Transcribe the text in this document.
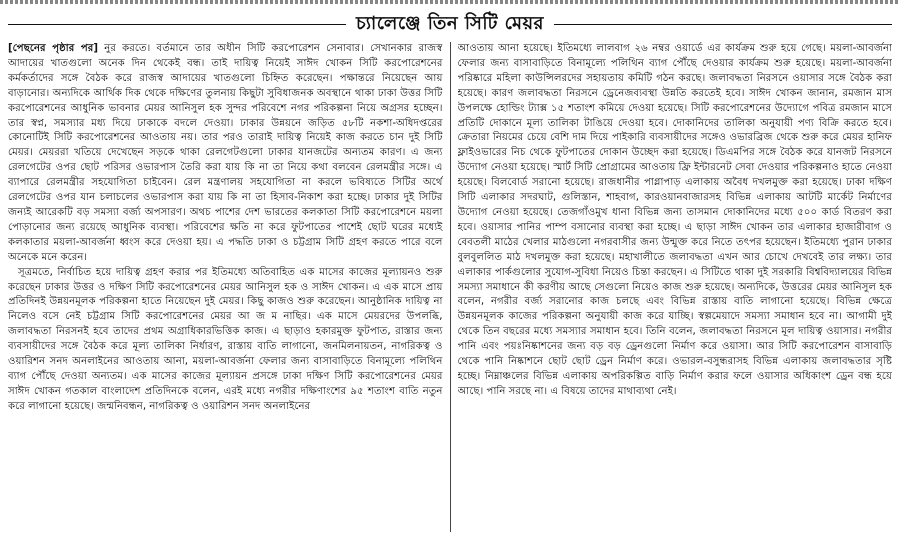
চ্যালেঞ্জে তিন সিটি মেয়র

[পেছনের পৃষ্ঠার পর] নুর করতে। বর্তমানে তার অধীন সিটি করপোরেশন সেনাবার। সেখানকার রাজস্ব আদায়ের খাতগুলো অনেক দিন থেকেই বন্ধ। তাই দায়িত্ব নিয়েই সাঈদ খোকন সিটি করপোরেশনের কর্মকর্তাদের সঙ্গে বৈঠক করে রাজস্ব আদায়ের খাতগুলো চিহ্নিত করেছেন। পক্ষান্তরে নিয়েছেন আয় বাড়ানোর। অন্যদিকে আর্থিক দিক থেকে দক্ষিণের তুলনায় কিছুটা সুবিধাজনক অবস্থানে থাকা ঢাকা উত্তর সিটি করপোরেশনের আধুনিক ভাবনার মেয়র আনিসুল হক সুন্দর পরিবেশে নগর পরিকল্পনা নিয়ে অগ্রসর হচ্ছেন। তার স্বপ্ন, সমস্যার মধ্য দিয়ে ঢাকাকে বদলে দেওয়া। ঢাকার উন্নয়নে জড়িত ৫৮টি নকশা-অধিদপ্তরের কোনোটিই সিটি করপোরেশনের আওতায় নয়। তার পরও তারাই দায়িত্ব নিয়েই কাজ করতে চান দুই সিটি মেয়র। মেয়ররা খতিয়ে দেখেছেন সড়কে থাকা রেলগেটগুলো ঢাকার যানজটের অন্যতম কারণ। এ জন্য রেলগেটের ওপর ছোট পরিসর ওভারপাস তৈরি করা যায় কি না তা নিয়ে কথা বলবেন রেলমন্ত্রীর সঙ্গে। এ ব্যাপারে রেলমন্ত্রীর সহযোগিতা চাইবেন। রেল মন্ত্রণালয় সহযোগিতা না করলে ভবিষ্যতে সিটির অর্থে রেলগেটের ওপর যান চলাচলের ওভারপাস করা যায় কি না তা হিসাব-নিকাশ করা হচ্ছে। ঢাকার দুই সিটির জন্যই আরেকটি বড় সমস্যা বর্জ্য অপসারণ। অথচ পাশের দেশ ভারতের কলকাতা সিটি করপোরেশনে ময়লা পোড়ানোর জন্য রয়েছে আধুনিক ব্যবস্থা। পরিবেশের ক্ষতি না করে ফুটপাতের পাশেই ছোট ঘরের মধ্যেই কলকাতার ময়লা-আবর্জনা ধ্বংস করে দেওয়া হয়। এ পদ্ধতি ঢাকা ও চট্টগ্রাম সিটি গ্রহণ করতে পারে বলে অনেকে মনে করেন।

সূত্রমতে, নির্বাচিত হয়ে দায়িত্ব গ্রহণ করার পর ইতিমধ্যে অতিবাহিত এক মাসের কাজের মূল্যায়নও শুরু করেছেন ঢাকার উত্তর ও দক্ষিণ সিটি করপোরেশনের মেয়র আনিসুল হক ও সাঈদ খোকন। এ এক মাসে প্রায় প্রতিদিনই উন্নয়নমূলক পরিকল্পনা হাতে নিয়েছেন দুই মেয়র। কিছু কাজও শুরু করেছেন। আনুষ্ঠানিক দায়িত্ব না নিলেও বসে নেই চট্টগ্রাম সিটি করপোরেশনের মেয়র আ জ ম নাছির। এক মাসে মেয়রদের উপলব্ধি, জলাবদ্ধতা নিরসনই হবে তাদের প্রথম অগ্রাধিকারভিত্তিক কাজ। এ ছাড়াও হকারমুক্ত ফুটপাত, রাস্তার জন্য ব্যবসায়ীদের সঙ্গে বৈঠক করে মূল্য তালিকা নির্ধারণ, রাস্তায় বাতি লাগানো, জনমিলনায়তন, নাগরিকত্ব ও ওয়ারিশন সনদ অনলাইনের আওতায় আনা, ময়লা-আবর্জনা ফেলার জন্য বাসাবাড়িতে বিনামূল্যে পলিথিন ব্যাগ পৌঁছে দেওয়া অন্যতম। এক মাসের কাজের মূল্যায়ন প্রসঙ্গে ঢাকা দক্ষিণ সিটি করপোরেশনের মেয়র সাঈদ খোকন গতকাল বাংলাদেশ প্রতিদিনকে বলেন, এরই মধ্যে নগরীর দক্ষিণাংশের ৯৫ শতাংশ বাতি নতুন করে লাগানো হয়েছে। জন্মনিবন্ধন, নাগরিকত্ব ও ওয়ারিশন সনদ অনলাইনের

আওতায় আনা হয়েছে। ইতিমধ্যে লালবাগ ২৬ নম্বর ওয়ার্ডে এর কার্যক্রম শুরু হয়ে গেছে। ময়লা-আবর্জনা ফেলার জন্য বাসাবাড়িতে বিনামূল্যে পলিথিন ব্যাগ পৌঁছে দেওয়ার কার্যক্রম শুরু হয়েছে। ময়লা-আবর্জনা পরিষ্কারে মহিলা কাউন্সিলরদের সহায়তায় কমিটি গঠন করছে। জলাবদ্ধতা নিরসনে ওয়াসার সঙ্গে বৈঠক করা হয়েছে। কারণ জলাবদ্ধতা নিরসনে ড্রেনেজব্যবস্থা উন্নতি করতেই হবে। সাঈদ খোকন জানান, রমজান মাস উপলক্ষে হোল্ডিং ট্যাক্স ১৫ শতাংশ কমিয়ে দেওয়া হয়েছে। সিটি করপোরেশনের উদ্যোগে পবিত্র রমজান মাসে প্রতিটি দোকানে মূল্য তালিকা টাঙিয়ে দেওয়া হবে। দোকানিদের তালিকা অনুযায়ী পণ্য বিক্রি করতে হবে। ক্রেতারা নিয়মের চেয়ে বেশি দাম দিয়ে পাইকারি ব্যবসায়ীদের সঙ্গেও ওভারব্রিজ থেকে শুরু করে মেয়র হানিফ ফ্লাইওভারের নিচ থেকে ফুটপাতের দোকান উচ্ছেদ করা হয়েছে। ডিএমপির সঙ্গে বৈঠক করে যানজট নিরসনে উদ্যোগ নেওয়া হয়েছে। স্মার্ট সিটি প্রোগ্রামের আওতায় ফ্রি ইন্টারনেট সেবা দেওয়ার পরিকল্পনাও হাতে নেওয়া হয়েছে। বিলবোর্ড সরানো হয়েছে। রাজধানীর পাগ্লাপাড় এলাকায় অবৈধ দখলমুক্ত করা হয়েছে। ঢাকা দক্ষিণ সিটি এলাকার সদরঘাট, গুলিস্তান, শাহবাগ, কারওয়ানবাজারসহ বিভিন্ন এলাকায় আটটি মার্কেট নির্মাণের উদ্যোগ নেওয়া হয়েছে। তেজগাঁওমুখ ধানা বিভিন্ন জন্য তাসমান দোকানিদের মধ্যে ৫০০ কার্ড বিতরণ করা হবে। ওয়াসার পানির পাম্প বসানোর ব্যবস্থা করা হচ্ছে। এ ছাড়া সাঈদ খোকন তার এলাকার হাজারীবাগ ও বেবতলী মাঠের খেলার মাঠগুলো নগরবাসীর জন্য উন্মুক্ত করে নিতে তৎপর হয়েছেন। ইতিমধ্যে পুরান ঢাকার বুলবুললিত মাঠ দখলমুক্ত করা হয়েছে। মহাখালীতে জলাবদ্ধতা এখন আর চোখে দেখবেই তার লক্ষ্য। তার এলাকার পার্কগুলোর সুযোগ-সুবিধা নিয়েও চিন্তা করছেন। এ সিটিতে থাকা দুই সরকারি বিশ্ববিদ্যালয়ের বিভিন্ন সমস্যা সমাধানে কী করণীয় আছে সেগুলো নিয়েও কাজ শুরু হয়েছে। অন্যদিকে, উত্তরের মেয়র আনিসুল হক বলেন, নগরীর বর্জ্য সরানোর কাজ চলছে এবং বিভিন্ন রাস্তায় বাতি লাগানো হয়েছে। বিভিন্ন ক্ষেত্রে উন্নয়নমূলক কাজের পরিকল্পনা অনুযায়ী কাজ করে যাচ্ছি। স্বল্পমেয়াদে সমস্যা সমাধান হবে না। আগামী দুই থেকে তিন বছরের মধ্যে সমস্যার সমাধান হবে। তিনি বলেন, জলাবদ্ধতা নিরসনে মূল দায়িত্ব ওয়াসার। নগরীর পানি এবং পয়ঃনিষ্কাশনের জন্য বড় বড় ড্রেনগুলো নির্মাণ করে ওয়াসা। আর সিটি করপোরেশন বাসাবাড়ি থেকে পানি নিষ্কাশনে ছোট ছোট ড্রেন নির্মাণ করে। ওভারল-বসুন্ধরাসহ বিভিন্ন এলাকায় জলাবদ্ধতার সৃষ্টি হচ্ছে। নিম্নাঞ্চলের বিভিন্ন এলাকায় অপরিকল্পিত বাড়ি নির্মাণ করার ফলে ওয়াসার অধিকাংশ ড্রেন বন্ধ হয়ে আছে। পানি সরছে না। এ বিষয়ে তাদের মাথাব্যথা নেই।
